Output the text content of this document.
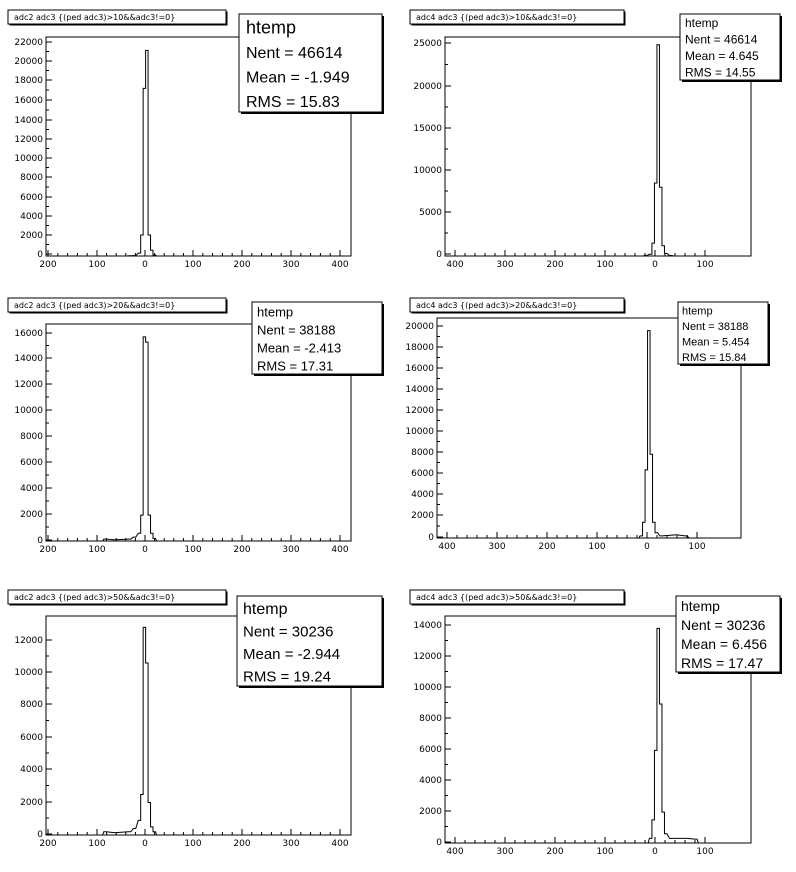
adc2 adc3 {(ped adc3)>10&&adc3!=0}
0
2000
4000
6000
8000
10000
12000
14000
16000
18000
20000
22000
200	100	0	100	200	300	400
htemp
Nent = 46614
Mean = -1.949
RMS = 15.83
adc4 adc3 {(ped adc3)>10&&adc3!=0}
0
5000
10000
15000
20000
25000
400	300	200	100	0	100
htemp
Nent = 46614
Mean = 4.645
RMS = 14.55
adc2 adc3 {(ped adc3)>20&&adc3!=0}
0
2000
4000
6000
8000
10000
12000
14000
16000
200	100	0	100	200	300	400
htemp
Nent = 38188
Mean = -2.413
RMS = 17.31
adc4 adc3 {(ped adc3)>20&&adc3!=0}
0
2000
4000
6000
8000
10000
12000
14000
16000
18000
20000
400	300	200	100	0	100
htemp
Nent = 38188
Mean = 5.454
RMS = 15.84
adc2 adc3 {(ped adc3)>50&&adc3!=0}
0
2000
4000
6000
8000
10000
12000
200	100	0	100	200	300	400
htemp
Nent = 30236
Mean = -2.944
RMS = 19.24
adc4 adc3 {(ped adc3)>50&&adc3!=0}
0
2000
4000
6000
8000
10000
12000
14000
400	300	200	100	0	100
htemp
Nent = 30236
Mean = 6.456
RMS = 17.47
